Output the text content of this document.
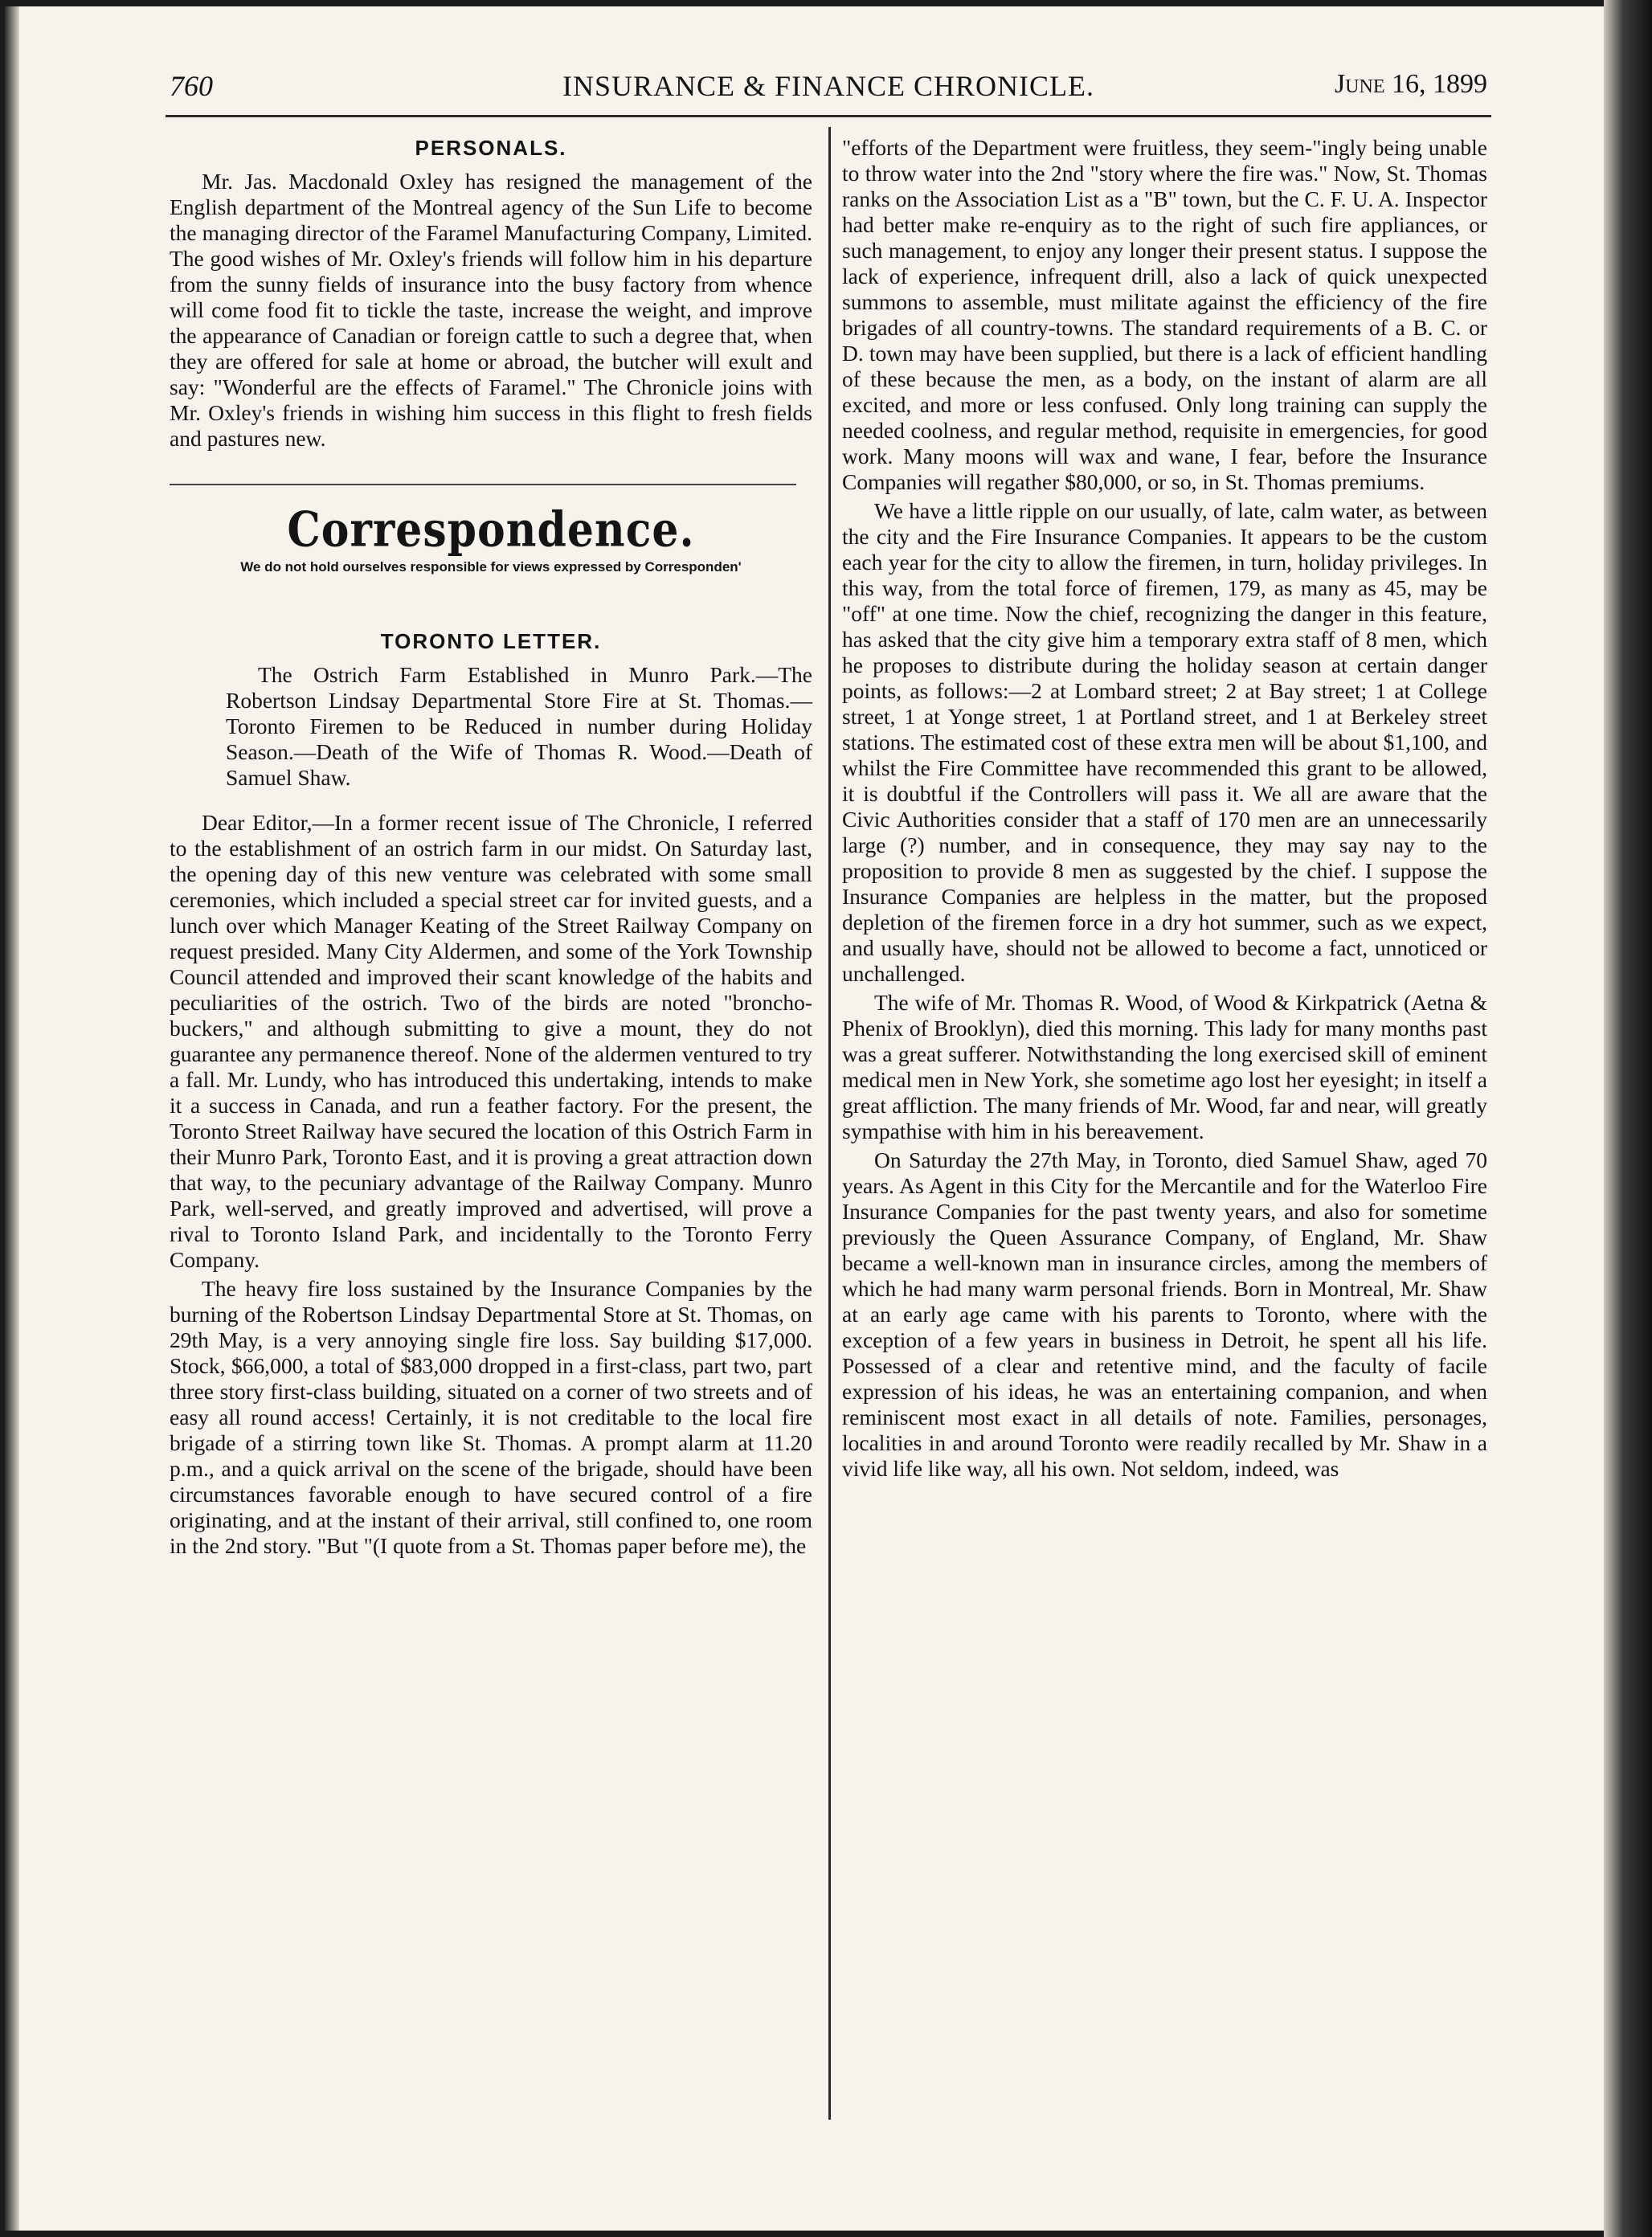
760	INSURANCE & FINANCE CHRONICLE.	June 16, 1899
PERSONALS.

Mr. Jas. Macdonald Oxley has resigned the management of the English department of the Montreal agency of the Sun Life to become the managing director of the Faramel Manufacturing Company, Limited. The good wishes of Mr. Oxley's friends will follow him in his departure from the sunny fields of insurance into the busy factory from whence will come food fit to tickle the taste, increase the weight, and improve the appearance of Canadian or foreign cattle to such a degree that, when they are offered for sale at home or abroad, the butcher will exult and say: "Wonderful are the effects of Faramel." The Chronicle joins with Mr. Oxley's friends in wishing him success in this flight to fresh fields and pastures new.

Correspondence.
We do not hold ourselves responsible for views expressed by Corresponden'
TORONTO LETTER.

The Ostrich Farm Established in Munro Park.—The Robertson Lindsay Departmental Store Fire at St. Thomas.—Toronto Firemen to be Reduced in number during Holiday Season.—Death of the Wife of Thomas R. Wood.—Death of Samuel Shaw.

Dear Editor,—In a former recent issue of The Chronicle, I referred to the establishment of an ostrich farm in our midst. On Saturday last, the opening day of this new venture was celebrated with some small ceremonies, which included a special street car for invited guests, and a lunch over which Manager Keating of the Street Railway Company on request presided. Many City Aldermen, and some of the York Township Council attended and improved their scant knowledge of the habits and peculiarities of the ostrich. Two of the birds are noted "broncho-buckers," and although submitting to give a mount, they do not guarantee any permanence thereof. None of the aldermen ventured to try a fall. Mr. Lundy, who has introduced this undertaking, intends to make it a success in Canada, and run a feather factory. For the present, the Toronto Street Railway have secured the location of this Ostrich Farm in their Munro Park, Toronto East, and it is proving a great attraction down that way, to the pecuniary advantage of the Railway Company. Munro Park, well-served, and greatly improved and advertised, will prove a rival to Toronto Island Park, and incidentally to the Toronto Ferry Company.

The heavy fire loss sustained by the Insurance Companies by the burning of the Robertson Lindsay Departmental Store at St. Thomas, on 29th May, is a very annoying single fire loss. Say building $17,000. Stock, $66,000, a total of $83,000 dropped in a first-class, part two, part three story first-class building, situated on a corner of two streets and of easy all round access! Certainly, it is not creditable to the local fire brigade of a stirring town like St. Thomas. A prompt alarm at 11.20 p.m., and a quick arrival on the scene of the brigade, should have been circumstances favorable enough to have secured control of a fire originating, and at the instant of their arrival, still confined to, one room in the 2nd story. "But "(I quote from a St. Thomas paper before me), the

"efforts of the Department were fruitless, they seem-"ingly being unable to throw water into the 2nd "story where the fire was." Now, St. Thomas ranks on the Association List as a "B" town, but the C. F. U. A. Inspector had better make re-enquiry as to the right of such fire appliances, or such management, to enjoy any longer their present status. I suppose the lack of experience, infrequent drill, also a lack of quick unexpected summons to assemble, must militate against the efficiency of the fire brigades of all country-towns. The standard requirements of a B. C. or D. town may have been supplied, but there is a lack of efficient handling of these because the men, as a body, on the instant of alarm are all excited, and more or less confused. Only long training can supply the needed coolness, and regular method, requisite in emergencies, for good work. Many moons will wax and wane, I fear, before the Insurance Companies will regather $80,000, or so, in St. Thomas premiums.

We have a little ripple on our usually, of late, calm water, as between the city and the Fire Insurance Companies. It appears to be the custom each year for the city to allow the firemen, in turn, holiday privileges. In this way, from the total force of firemen, 179, as many as 45, may be "off" at one time. Now the chief, recognizing the danger in this feature, has asked that the city give him a temporary extra staff of 8 men, which he proposes to distribute during the holiday season at certain danger points, as follows:—2 at Lombard street; 2 at Bay street; 1 at College street, 1 at Yonge street, 1 at Portland street, and 1 at Berkeley street stations. The estimated cost of these extra men will be about $1,100, and whilst the Fire Committee have recommended this grant to be allowed, it is doubtful if the Controllers will pass it. We all are aware that the Civic Authorities consider that a staff of 170 men are an unnecessarily large (?) number, and in consequence, they may say nay to the proposition to provide 8 men as suggested by the chief. I suppose the Insurance Companies are helpless in the matter, but the proposed depletion of the firemen force in a dry hot summer, such as we expect, and usually have, should not be allowed to become a fact, unnoticed or unchallenged.

The wife of Mr. Thomas R. Wood, of Wood & Kirkpatrick (Aetna & Phenix of Brooklyn), died this morning. This lady for many months past was a great sufferer. Notwithstanding the long exercised skill of eminent medical men in New York, she sometime ago lost her eyesight; in itself a great affliction. The many friends of Mr. Wood, far and near, will greatly sympathise with him in his bereavement.

On Saturday the 27th May, in Toronto, died Samuel Shaw, aged 70 years. As Agent in this City for the Mercantile and for the Waterloo Fire Insurance Companies for the past twenty years, and also for sometime previously the Queen Assurance Company, of England, Mr. Shaw became a well-known man in insurance circles, among the members of which he had many warm personal friends. Born in Montreal, Mr. Shaw at an early age came with his parents to Toronto, where with the exception of a few years in business in Detroit, he spent all his life. Possessed of a clear and retentive mind, and the faculty of facile expression of his ideas, he was an entertaining companion, and when reminiscent most exact in all details of note. Families, personages, localities in and around Toronto were readily recalled by Mr. Shaw in a vivid life like way, all his own. Not seldom, indeed, was
